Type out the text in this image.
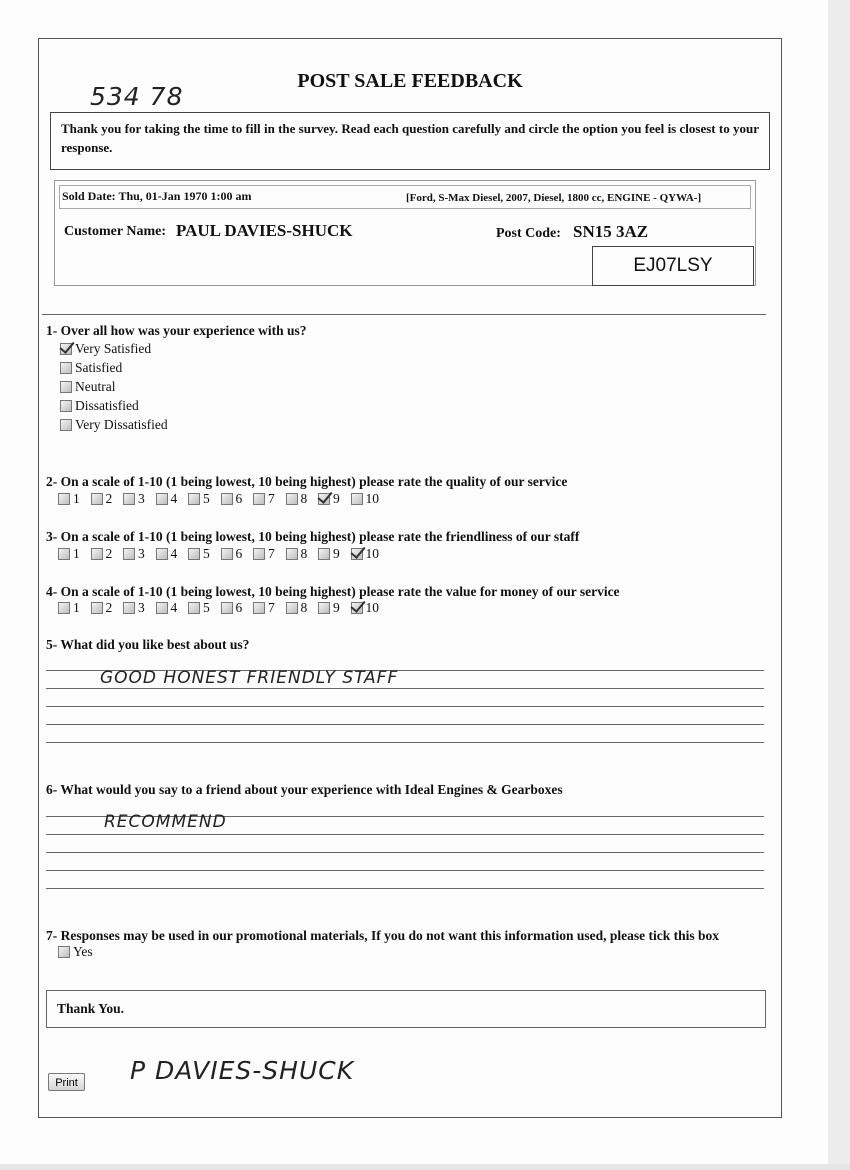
534 78
POST SALE FEEDBACK
Thank you for taking the time to fill in the survey. Read each question carefully and circle the option you feel is closest to your response.
Sold Date: Thu, 01-Jan 1970 1:00 am	[Ford, S-Max Diesel, 2007, Diesel, 1800 cc, ENGINE - QYWA-]
Customer Name: PAUL DAVIES-SHUCK	Post Code: SN15 3AZ
EJ07LSY
1- Over all how was your experience with us?
Very Satisfied
Satisfied
Neutral
Dissatisfied
Very Dissatisfied
2- On a scale of 1-10 (1 being lowest, 10 being highest) please rate the quality of our service
1 2 3 4 5 6 7 8 9 10
3- On a scale of 1-10 (1 being lowest, 10 being highest) please rate the friendliness of our staff
1 2 3 4 5 6 7 8 9 10
4- On a scale of 1-10 (1 being lowest, 10 being highest) please rate the value for money of our service
1 2 3 4 5 6 7 8 9 10
5- What did you like best about us?
GOOD HONEST FRIENDLY STAFF
6- What would you say to a friend about your experience with Ideal Engines & Gearboxes
RECOMMEND
7- Responses may be used in our promotional materials, If you do not want this information used, please tick this box
Yes
Thank You.
Print P DAVIES-SHUCK
